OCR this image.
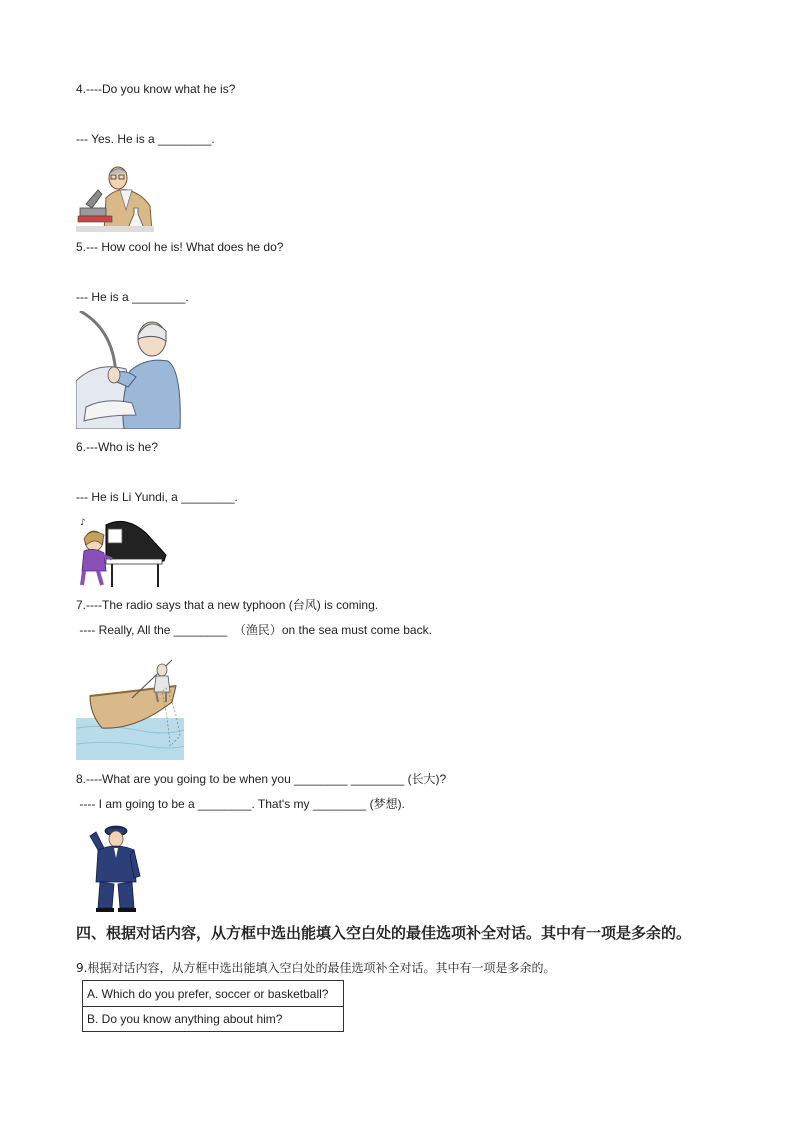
4.----Do you know what he is?
--- Yes. He is a ________.
5.--- How cool he is! What does he do?
--- He is a ________.
6.---Who is he?
--- He is Li Yundi, a ________.
♪
7.----The radio says that a new typhoon (台风) is coming.
---- Really, All the ________  （渔民）on the sea must come back.
8.----What are you going to be when you ________ ________ (长大)?
---- I am going to be a ________. That's my ________ (梦想).
四、根据对话内容，从方框中选出能填入空白处的最佳选项补全对话。其中有一项是多余的。
9.根据对话内容，从方框中选出能填入空白处的最佳选项补全对话。其中有一项是多余的。
A. Which do you prefer, soccer or basketball?
B. Do you know anything about him?
